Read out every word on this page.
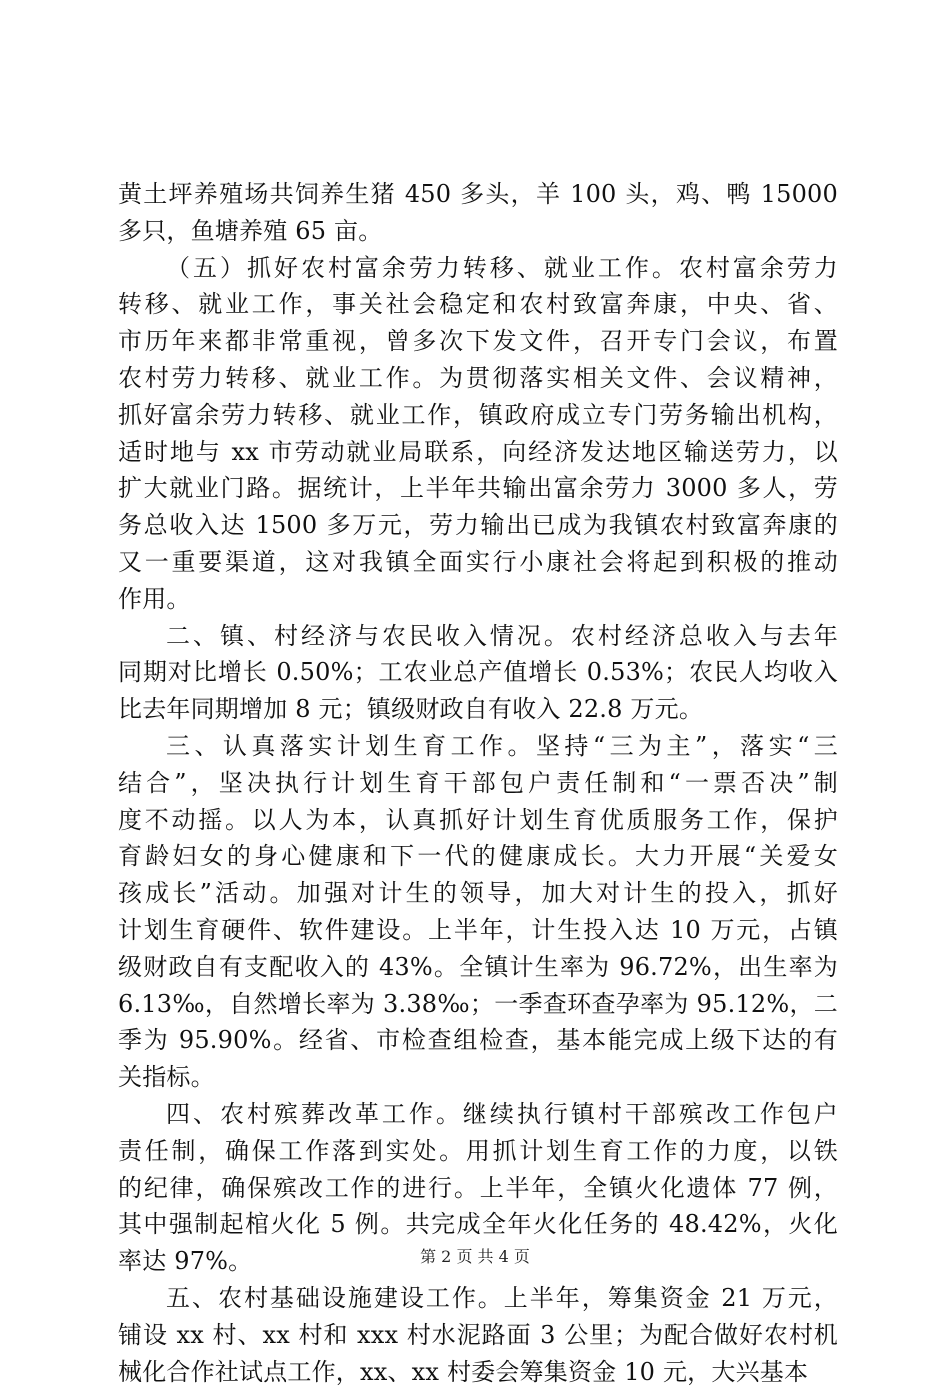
黄土坪养殖场共饲养生猪 450 多头，羊 100 头，鸡、鸭 15000
多只，鱼塘养殖 65 亩。
（五）抓好农村富余劳力转移、就业工作。农村富余劳力
转移、就业工作，事关社会稳定和农村致富奔康，中央、省、
市历年来都非常重视，曾多次下发文件，召开专门会议，布置
农村劳力转移、就业工作。为贯彻落实相关文件、会议精神，
抓好富余劳力转移、就业工作，镇政府成立专门劳务输出机构，
适时地与 xx 市劳动就业局联系，向经济发达地区输送劳力，以
扩大就业门路。据统计，上半年共输出富余劳力 3000 多人，劳
务总收入达 1500 多万元，劳力输出已成为我镇农村致富奔康的
又一重要渠道，这对我镇全面实行小康社会将起到积极的推动
作用。
二、镇、村经济与农民收入情况。农村经济总收入与去年
同期对比增长 0.50%；工农业总产值增长 0.53%；农民人均收入
比去年同期增加 8 元；镇级财政自有收入 22.8 万元。
三、认真落实计划生育工作。坚持“三为主”，落实“三
结合”，坚决执行计划生育干部包户责任制和“一票否决”制
度不动摇。以人为本，认真抓好计划生育优质服务工作，保护
育龄妇女的身心健康和下一代的健康成长。大力开展“关爱女
孩成长”活动。加强对计生的领导，加大对计生的投入，抓好
计划生育硬件、软件建设。上半年，计生投入达 10 万元，占镇
级财政自有支配收入的 43%。全镇计生率为 96.72%，出生率为
6.13‰，自然增长率为 3.38‰；一季查环查孕率为 95.12%，二
季为 95.90%。经省、市检查组检查，基本能完成上级下达的有
关指标。
四、农村殡葬改革工作。继续执行镇村干部殡改工作包户
责任制，确保工作落到实处。用抓计划生育工作的力度，以铁
的纪律，确保殡改工作的进行。上半年，全镇火化遗体 77 例，
其中强制起棺火化 5 例。共完成全年火化任务的 48.42%，火化
率达 97%。
五、农村基础设施建设工作。上半年，筹集资金 21 万元，
铺设 xx 村、xx 村和 xxx 村水泥路面 3 公里；为配合做好农村机
械化合作社试点工作，xx、xx 村委会筹集资金 10 元，大兴基本
第 2 页 共 4 页
